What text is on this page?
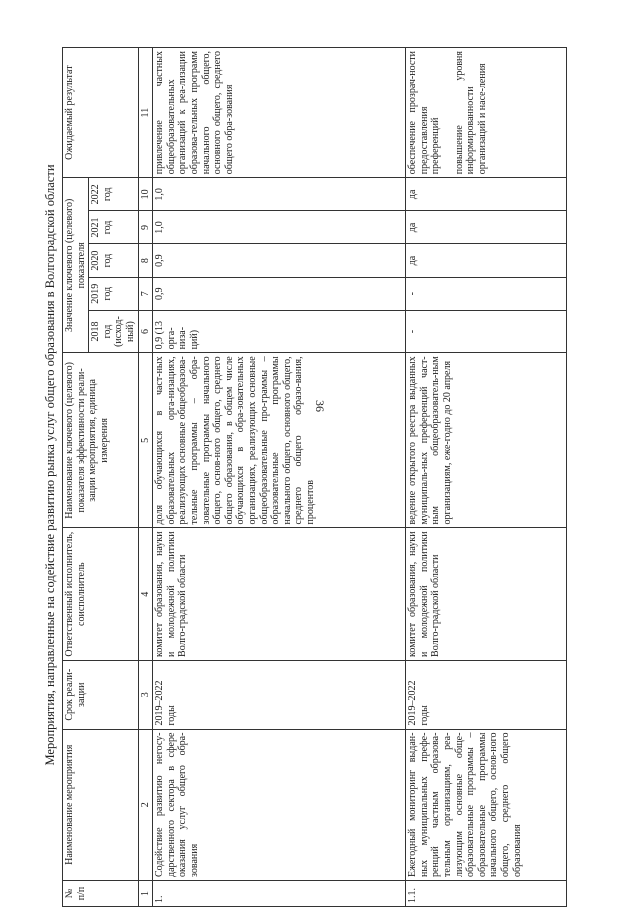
36
Мероприятия, направленные на содействие развитию рынка услуг общего образования в Волгоградской области
№ п/п	Наименование мероприятия	Срок реали-зации	Ответственный исполнитель, соисполнитель	Наименование ключевого (целевого) показателя эффективности реали-зации мероприятия, единица измерения	Значение ключевого (целевого) показателя					Ожидаемый результат
					2018 год (исход-ный)	2019 год	2020 год	2021 год	2022 год	
1	2	3	4	5	6	7	8	9	10	11
1.	Содействие развитию негосу-дарственного сектора в сфере оказания услуг общего обра-зования	2019–2022 годы	комитет образования, науки и молодежной политики Волго-градской области	доля обучающихся в част-ных образовательных орга-низациях, реализующих основные общеобразова-тельные программы – обра-зовательные программы начального общего, основ-ного общего, среднего общего образования, в общем числе обучающихся в обра-зовательных организациях, реализующих основные общеобразовательные про-граммы – образовательные программы начального общего, основного общего, среднего общего образо-вания, процентов	0,9 (13 орга-низа-ций)	0,9	0,9	1,0	1,0	привлечение частных общеобразовательных организаций к реа-лизации образова-тельных программ начального общего, основного общего, среднего общего обра-зования
1.1.	Ежегодный мониторинг выдан-ных муниципальных префе-ренций частным образова-тельным организациям, реа-лизующим основные обще-образовательные программы – образовательные программы начального общего, основ-ного общего, среднего общего образования	2019–2022 годы	комитет образования, науки и молодежной политики Волго-градской области	ведение открытого реестра выданных муниципаль-ных преференций част-ным общеобразователь-ным организациям, еже-годно до 20 апреля	-	-	да	да	да	обеспечение прозрач-ности предоставления преференций

повышение уровня информированности организаций и насе-ления
